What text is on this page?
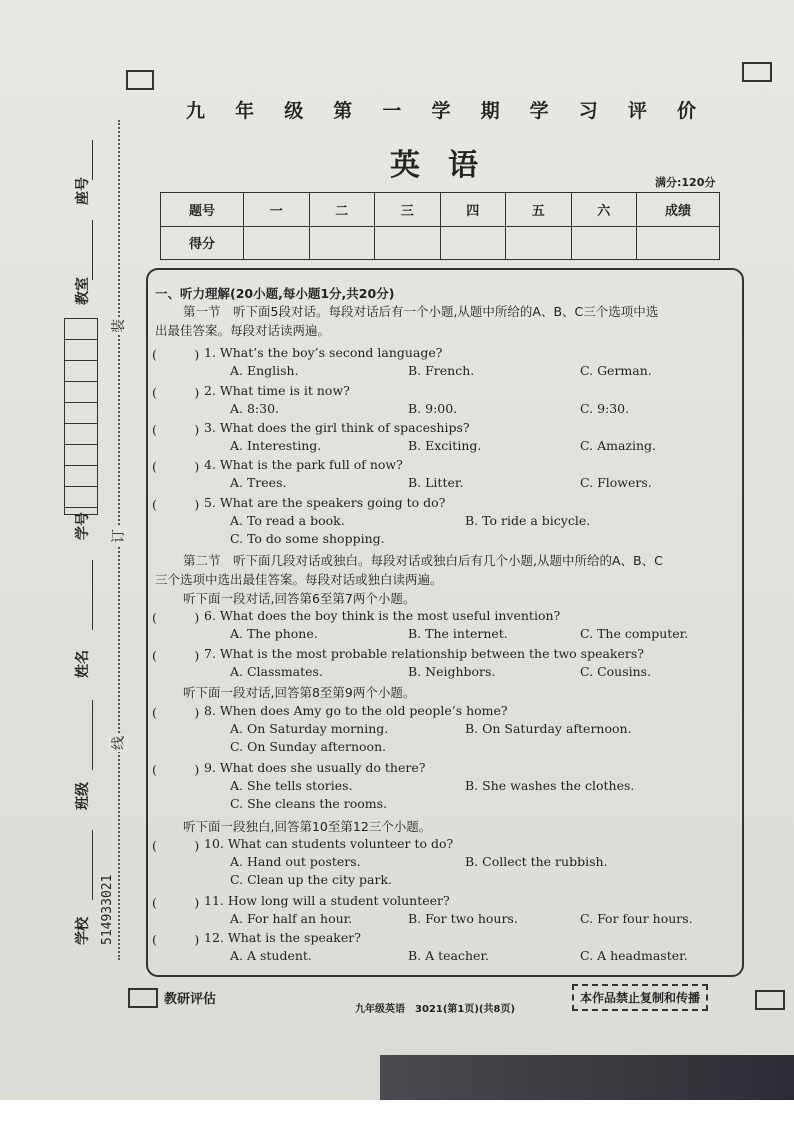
装
订
线
座号
教室
学号
姓名
班级
学校 514933021
九 年 级 第 一 学 期 学 习 评 价
英语	满分:120分
题号	一	二	三	四	五	六	成绩
得分							
一、听力理解(20小题,每小题1分,共20分)
第一节　听下面5段对话。每段对话后有一个小题,从题中所给的A、B、C三个选项中选
出最佳答案。每段对话读两遍。
(　　　) 1. What’s the boy’s second language?
A. English.	B. French.	C. German.
(　　　) 2. What time is it now?
A. 8:30.	B. 9:00.	C. 9:30.
(　　　) 3. What does the girl think of spaceships?
A. Interesting.	B. Exciting.	C. Amazing.
(　　　) 4. What is the park full of now?
A. Trees.	B. Litter.	C. Flowers.
(　　　) 5. What are the speakers going to do?
A. To read a book.	B. To ride a bicycle.
C. To do some shopping.
(　　　) 6. What does the boy think is the most useful invention?
A. The phone.	B. The internet.	C. The computer.
(　　　) 7. What is the most probable relationship between the two speakers?
A. Classmates.	B. Neighbors.	C. Cousins.
(　　　) 8. When does Amy go to the old people’s home?
A. On Saturday morning.	B. On Saturday afternoon.
C. On Sunday afternoon.
(　　　) 9. What does she usually do there?
A. She tells stories.	B. She washes the clothes.
C. She cleans the rooms.
(　　　) 10. What can students volunteer to do?
A. Hand out posters.	B. Collect the rubbish.
C. Clean up the city park.
(　　　) 11. How long will a student volunteer?
A. For half an hour.	B. For two hours.	C. For four hours.
(　　　) 12. What is the speaker?
A. A student.	B. A teacher.	C. A headmaster.
第二节　听下面几段对话或独白。每段对话或独白后有几个小题,从题中所给的A、B、C
三个选项中选出最佳答案。每段对话或独白读两遍。
听下面一段对话,回答第6至第7两个小题。
听下面一段对话,回答第8至第9两个小题。
听下面一段独白,回答第10至第12三个小题。
教研评估
九年级英语　3021(第1页)(共8页)
本作品禁止复制和传播
